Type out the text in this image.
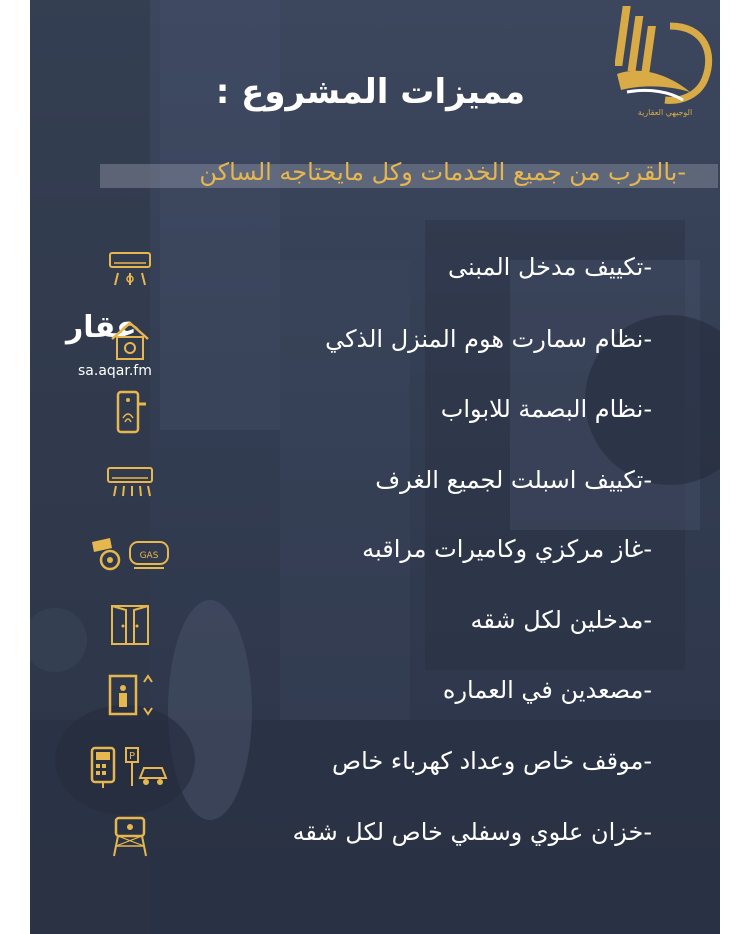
الوجيهي العقارية
مميزات المشروع :
-بالقرب من جميع الخدمات وكل مايحتاجه الساكن
عقار
sa.aqar.fm
-تكييف مدخل المبنى
-نظام سمارت هوم المنزل الذكي
-نظام البصمة للابواب
-تكييف اسبلت لجميع الغرف
-غاز مركزي وكاميرات مراقبه
-مدخلين لكل شقه
-مصعدين في العماره
-موقف خاص وعداد كهرباء خاص
-خزان علوي وسفلي خاص لكل شقه
GAS
P
